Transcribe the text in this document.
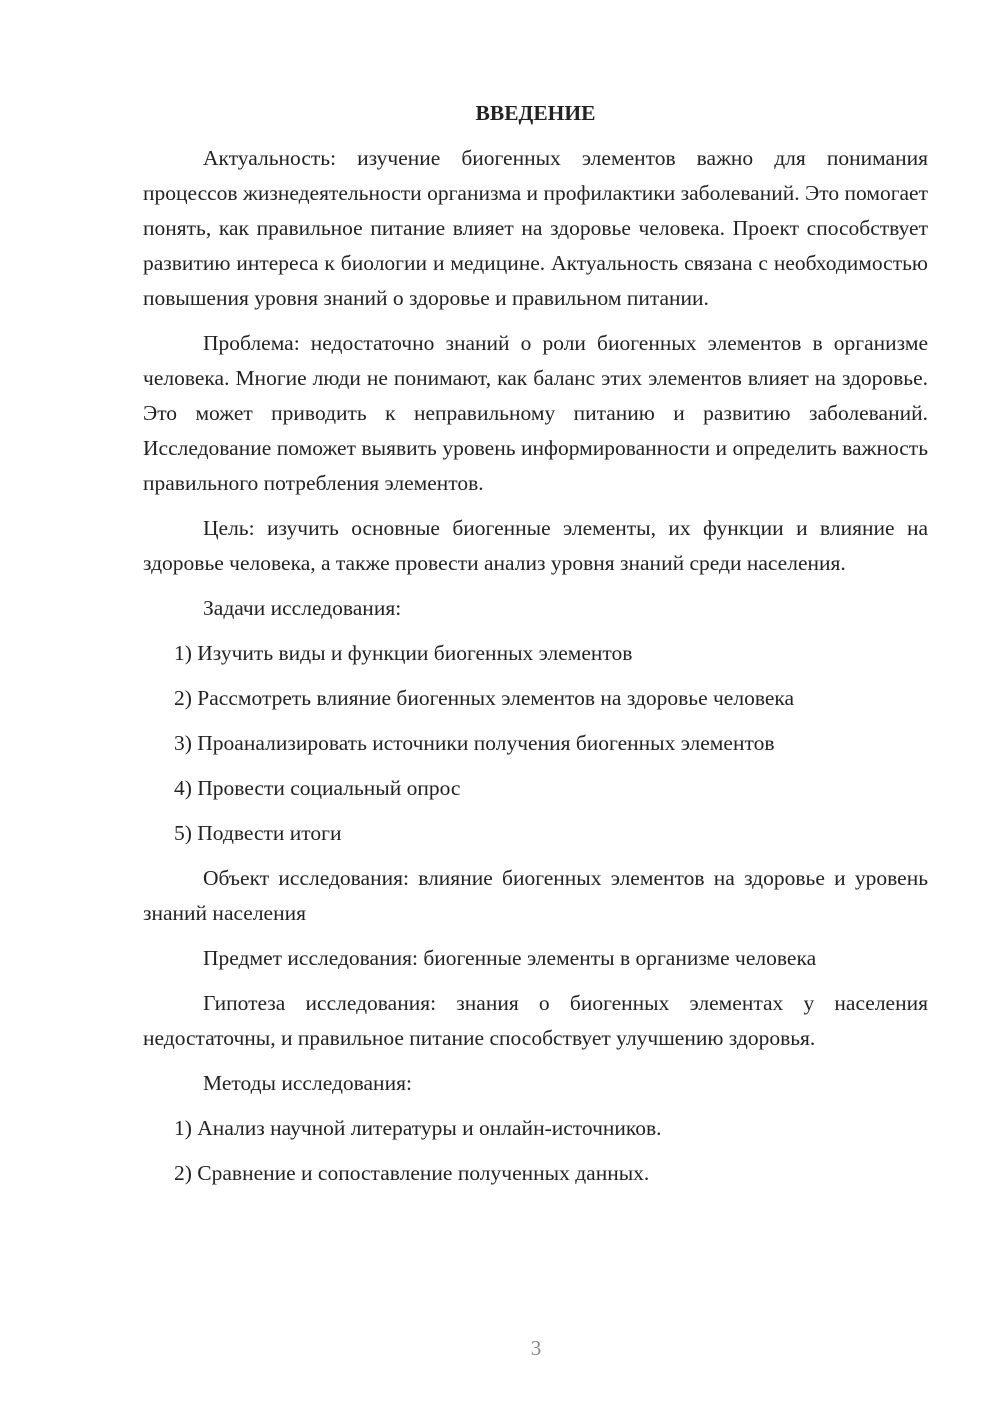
ВВЕДЕНИЕ
Актуальность: изучение биогенных элементов важно для понимания процессов жизнедеятельности организма и профилактики заболеваний. Это помогает понять, как правильное питание влияет на здоровье человека. Проект способствует развитию интереса к биологии и медицине. Актуальность связана с необходимостью повышения уровня знаний о здоровье и правильном питании.
Проблема: недостаточно знаний о роли биогенных элементов в организме человека. Многие люди не понимают, как баланс этих элементов влияет на здоровье. Это может приводить к неправильному питанию и развитию заболеваний. Исследование поможет выявить уровень информированности и определить важность правильного потребления элементов.
Цель: изучить основные биогенные элементы, их функции и влияние на здоровье человека, а также провести анализ уровня знаний среди населения.
Задачи исследования:
1) Изучить виды и функции биогенных элементов
2) Рассмотреть влияние биогенных элементов на здоровье человека
3) Проанализировать источники получения биогенных элементов
4) Провести социальный опрос
5) Подвести итоги
Объект исследования: влияние биогенных элементов на здоровье и уровень знаний населения
Предмет исследования: биогенные элементы в организме человека
Гипотеза исследования: знания о биогенных элементах у населения недостаточны, и правильное питание способствует улучшению здоровья.
Методы исследования:
1) Анализ научной литературы и онлайн-источников.
2) Сравнение и сопоставление полученных данных.
3
